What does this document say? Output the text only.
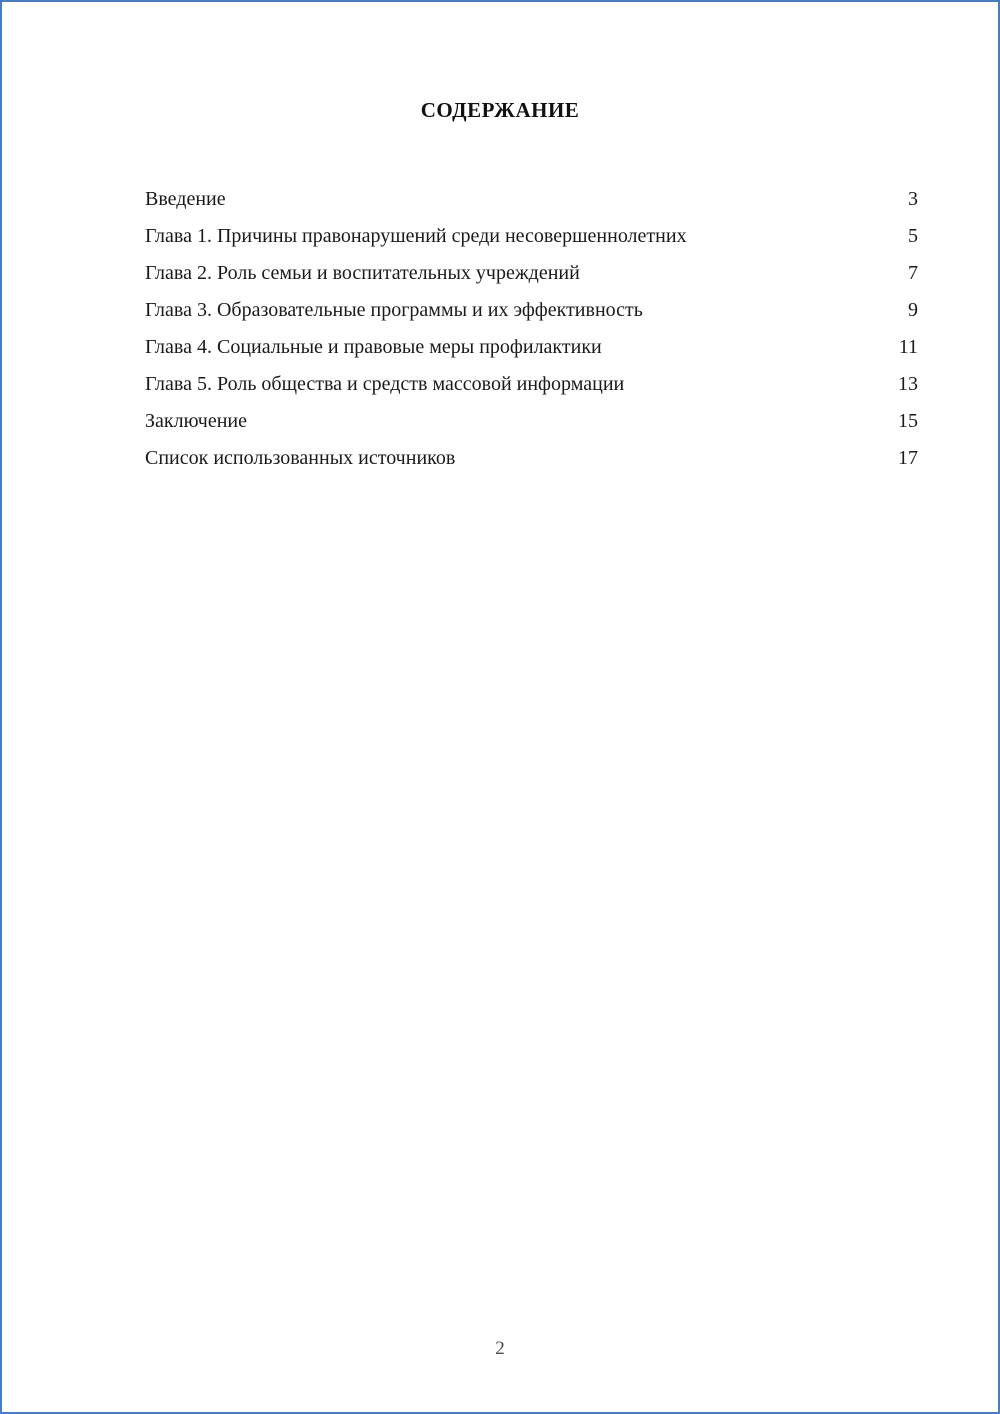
СОДЕРЖАНИЕ
Введение	3
Глава 1. Причины правонарушений среди несовершеннолетних	5
Глава 2. Роль семьи и воспитательных учреждений	7
Глава 3. Образовательные программы и их эффективность	9
Глава 4. Социальные и правовые меры профилактики	11
Глава 5. Роль общества и средств массовой информации	13
Заключение	15
Список использованных источников	17
2
